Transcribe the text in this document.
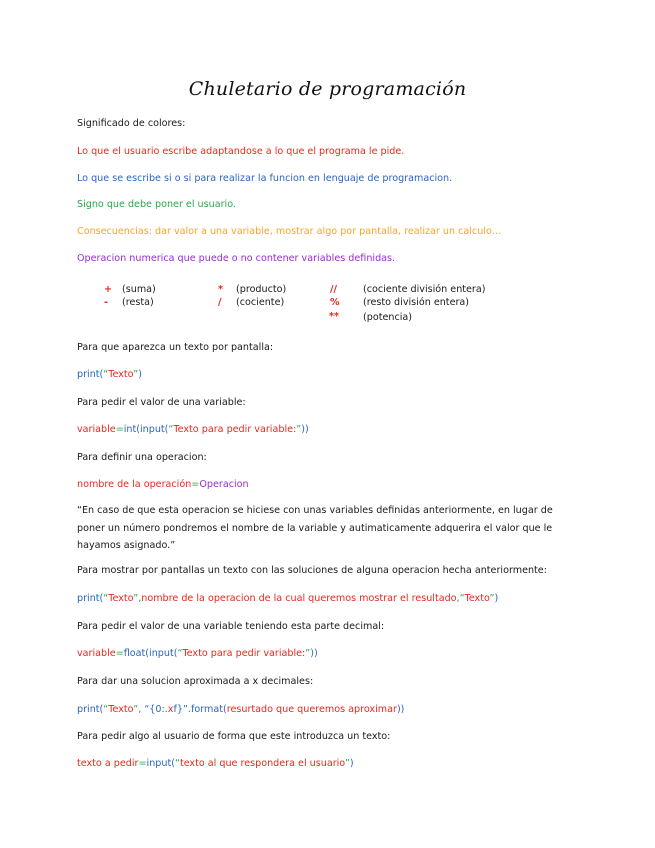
Chuletario de programación
Significado de colores:
Lo que el usuario escribe adaptandose a lo que el programa le pide.
Lo que se escribe si o si para realizar la funcion en lenguaje de programacion.
Signo que debe poner el usuario.
Consecuencias: dar valor a una variable, mostrar algo por pantalla, realizar un calculo…
Operacion numerica que puede o no contener variables definidas.
+ (suma)
- (resta)
* (producto)
/ (cociente)
//	(cociente división entera)
% (resto división entera)
** (potencia)
Para que aparezca un texto por pantalla:
print(“Texto”)
Para pedir el valor de una variable:
variable=int(input(“Texto para pedir variable:”))
Para definir una operacion:
nombre de la operación=Operacion
“En caso de que esta operacion se hiciese con unas variables definidas anteriormente, en lugar de poner un número pondremos el nombre de la variable y autimaticamente adquerira el valor que le hayamos asignado.”
Para mostrar por pantallas un texto con las soluciones de alguna operacion hecha anteriormente:
print(“Texto”,nombre de la operacion de la cual queremos mostrar el resultado,“Texto”)
Para pedir el valor de una variable teniendo esta parte decimal:
variable=float(input(“Texto para pedir variable:”))
Para dar una solucion aproximada a x decimales:
print(“Texto”, “{0:.xf}”.format(resurtado que queremos aproximar))
Para pedir algo al usuario de forma que este introduzca un texto:
texto a pedir=input(“texto al que respondera el usuario”)
